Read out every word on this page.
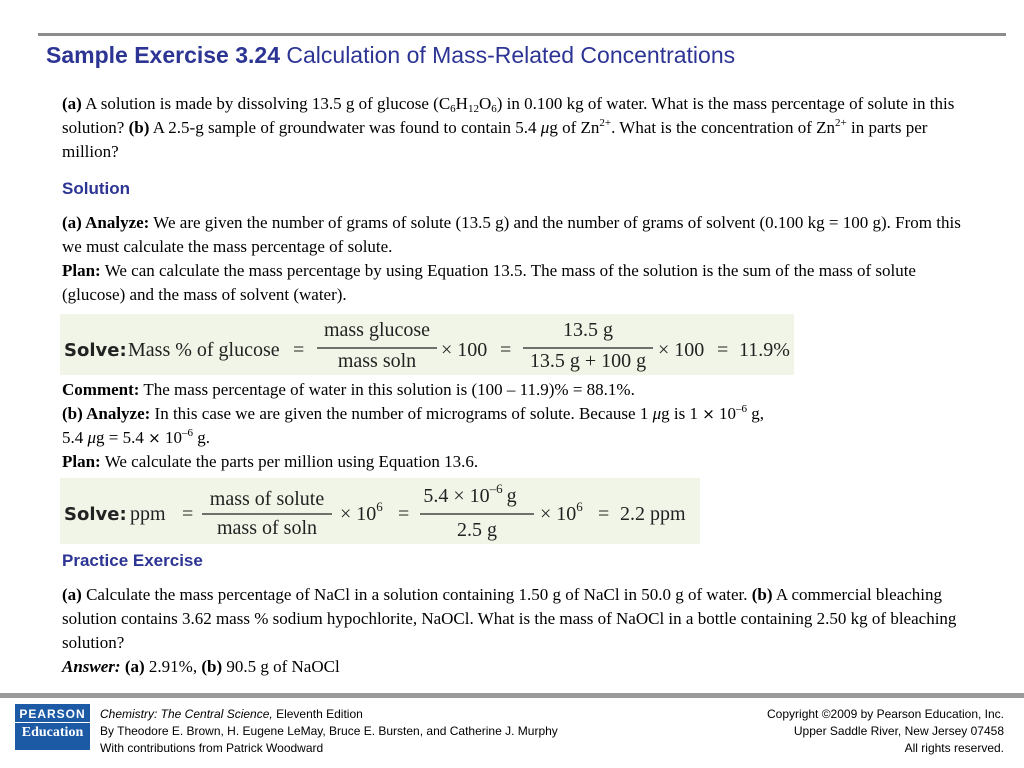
Sample Exercise 3.24 Calculation of Mass-Related Concentrations
(a) A solution is made by dissolving 13.5 g of glucose $(C_6H_{12}O_6)$ in 0.100 kg of water. What is the mass percentage of solute in this solution? (b) A 2.5-g sample of groundwater was found to contain 5.4 μg of $Zn^{2+}$. What is the concentration of $Zn^{2+}$ in parts per million?
Solution
(a) Analyze: We are given the number of grams of solute (13.5 g) and the number of grams of solvent (0.100 kg = 100 g). From this we must calculate the mass percentage of solute.
Plan: We can calculate the mass percentage by using Equation 13.5. The mass of the solution is the sum of the mass of solute (glucose) and the mass of solvent (water).
Solve: Mass % of glucose =
mass glucose
mass soln × 100 =
13.5 g
13.5 g + 100 g × 100 = 11.9%
Comment: The mass percentage of water in this solution is (100 – 11.9)% = 88.1%.
(b) Analyze: In this case we are given the number of micrograms of solute. Because 1 μg is $1 \times 10^{-6}$ g,
5.4 $\mu g = 5.4 \times 10^{-6}$ g.
Plan: We calculate the parts per million using Equation 13.6.
Solve: ppm =
mass of solute
mass of soln
× $10^6$ =
$5.4 \times 10^{-6}$ g
2.5 g
× $10^6 = 2.2$ ppm
Practice Exercise
(a) Calculate the mass percentage of NaCl in a solution containing 1.50 g of NaCl in 50.0 g of water. (b) A commercial bleaching solution contains 3.62 mass % sodium hypochlorite, NaOCl. What is the mass of NaOCl in a bottle containing 2.50 kg of bleaching solution?
Answer: (a) 2.91%, (b) 90.5 g of NaOCl
PEARSON
Education
Chemistry: The Central Science, Eleventh Edition
By Theodore E. Brown, H. Eugene LeMay, Bruce E. Bursten, and Catherine J. Murphy
With contributions from Patrick Woodward
Copyright ©2009 by Pearson Education, Inc.
Upper Saddle River, New Jersey 07458
All rights reserved.
